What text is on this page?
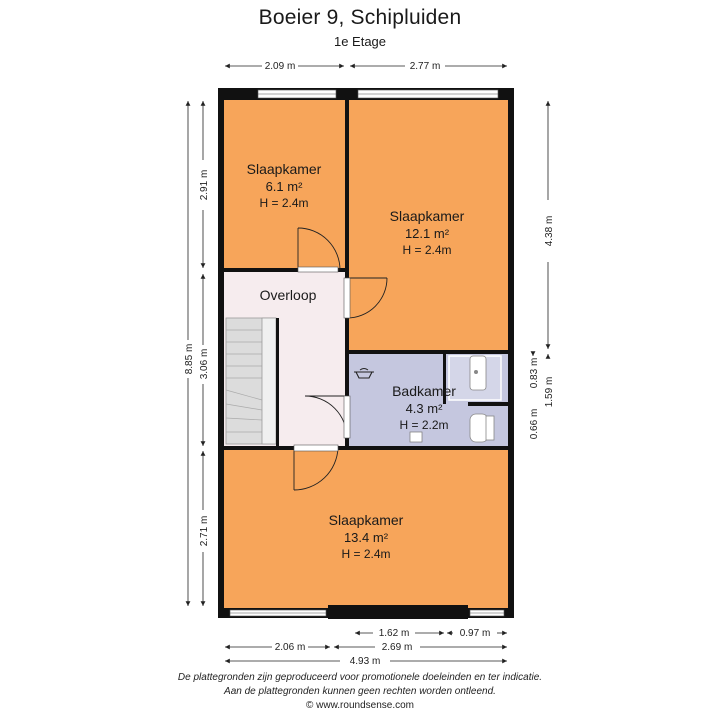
Boeier 9, Schipluiden
1e Etage
Slaapkamer
6.1 m²
H = 2.4m
Slaapkamer
12.1 m²
H = 2.4m
Overloop
Badkamer
4.3 m²
H = 2.2m
Slaapkamer
13.4 m²
H = 2.4m
2.09 m	2.77 m
8.85 m
2.91 m
3.06 m
2.71 m
4.38 m
0.66 m
0.83 m
1.59 m
1.62 m	0.97 m
2.06 m	2.69 m
4.93 m
De plattegronden zijn geproduceerd voor promotionele doeleinden en ter indicatie.
Aan de plattegronden kunnen geen rechten worden ontleend.
© www.roundsense.com
